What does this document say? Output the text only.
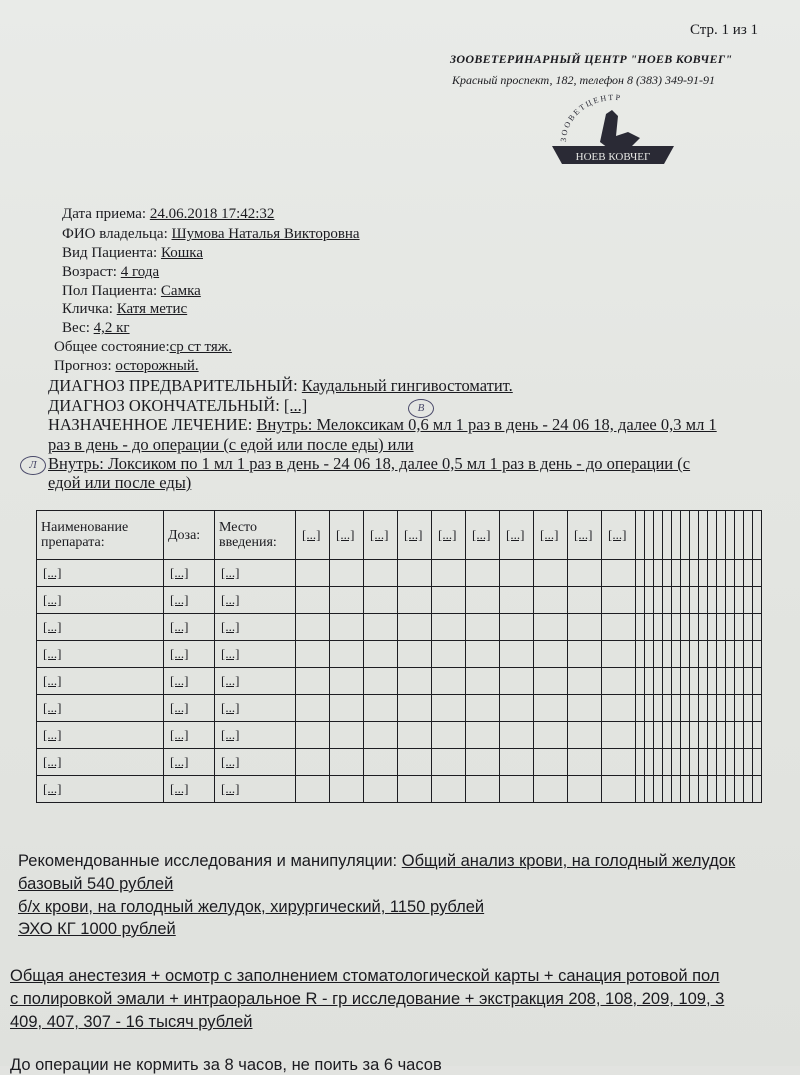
Стр. 1 из 1
ЗООВЕТЕРИНАРНЫЙ ЦЕНТР "НОЕВ КОВЧЕГ"
Красный проспект, 182, телефон 8 (383) 349-91-91
ЗООВЕТЦЕНТР
НОЕВ КОВЧЕГ
Дата приема: 24.06.2018 17:42:32
ФИО владельца: Шумова Наталья Викторовна
Вид Пациента: Кошка
Возраст: 4 года
Пол Пациента: Самка
Кличка: Катя метис
Вес: 4,2 кг
Общее состояние:ср ст тяж.
Прогноз: осторожный.
ДИАГНОЗ ПРЕДВАРИТЕЛЬНЫЙ: Каудальный гингивостоматит.
ДИАГНОЗ ОКОНЧАТЕЛЬНЫЙ: [...]	В
НАЗНАЧЕННОЕ ЛЕЧЕНИЕ: Внутрь: Мелоксикам 0,6 мл 1 раз в день - 24 06 18, далее 0,3 мл 1
раз в день - до операции (с едой или после еды) или
Л Внутрь: Локсиком по 1 мл 1 раз в день - 24 06 18, далее 0,5 мл 1 раз в день - до операции (с
едой или после еды)
Наименование препарата:	Доза:	Место введения:	[...]	[...]	[...]	[...]	[...]	[...]	[...]	[...]	[...]	[...]														
[...]	[...]	[...]																								
[...]	[...]	[...]																								
[...]	[...]	[...]																								
[...]	[...]	[...]																								
[...]	[...]	[...]																								
[...]	[...]	[...]																								
[...]	[...]	[...]																								
[...]	[...]	[...]																								
[...]	[...]	[...]																								
Рекомендованные исследования и манипуляции: Общий анализ крови, на голодный желудок
базовый 540 рублей
б/х крови, на голодный желудок, хирургический, 1150 рублей
ЭХО КГ 1000 рублей
Общая анестезия + осмотр с заполнением стоматологической карты + санация ротовой пол
с полировкой эмали + интраоральное R - гр исследование + экстракция 208, 108, 209, 109, 3
409, 407, 307 - 16 тысяч рублей
До операции не кормить за 8 часов, не поить за 6 часов
